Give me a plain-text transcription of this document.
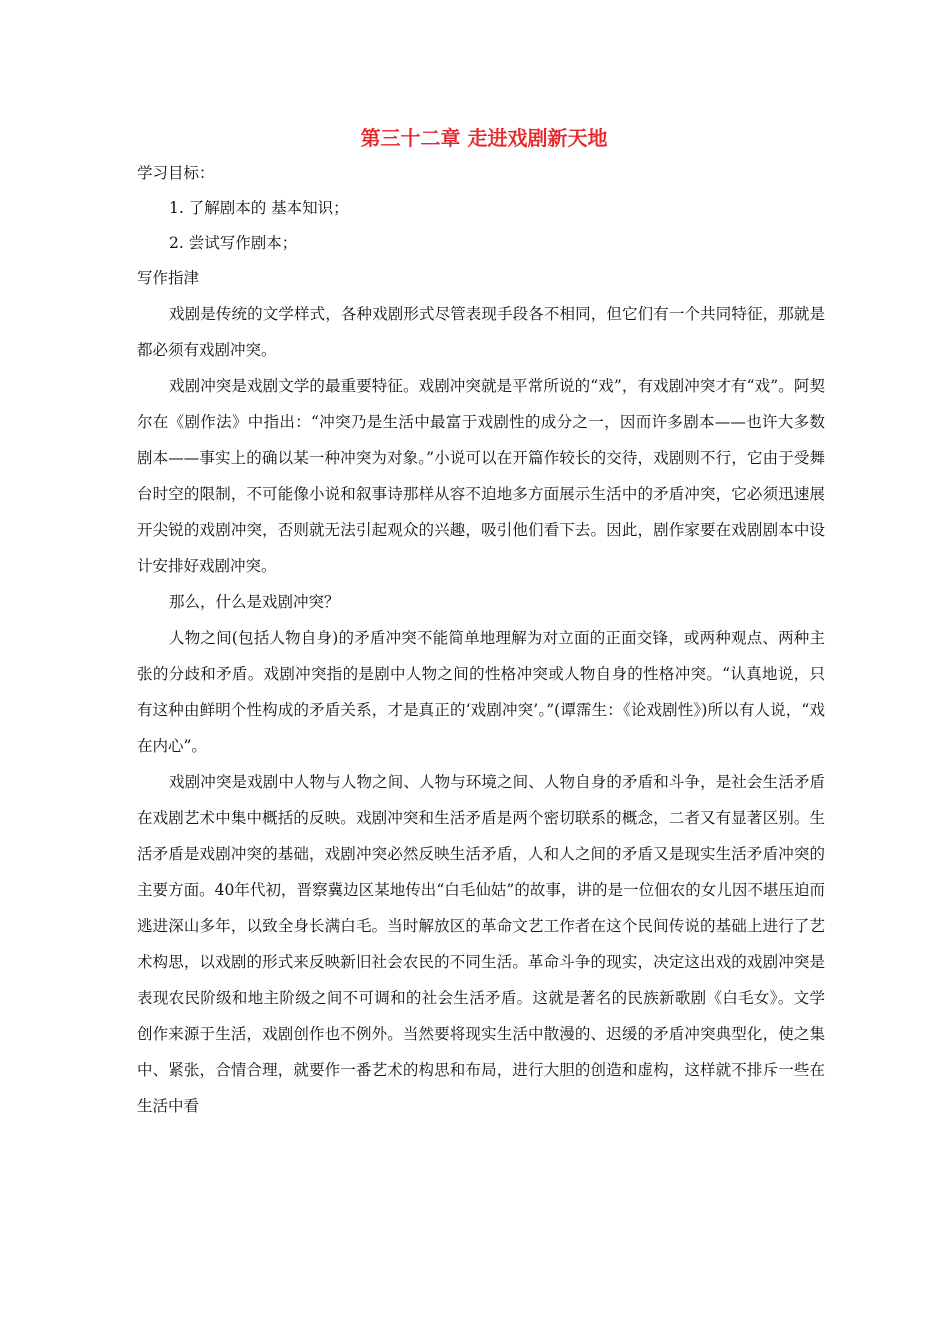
第三十二章 走进戏剧新天地

学习目标：

1. 了解剧本的 基本知识；

2. 尝试写作剧本；

写作指津

戏剧是传统的文学样式，各种戏剧形式尽管表现手段各不相同，但它们有一个共同特征，那就是都必须有戏剧冲突。

戏剧冲突是戏剧文学的最重要特征。戏剧冲突就是平常所说的“戏”，有戏剧冲突才有“戏”。阿契尔在《剧作法》中指出：“冲突乃是生活中最富于戏剧性的成分之一，因而许多剧本——也许大多数剧本——事实上的确以某一种冲突为对象。”小说可以在开篇作较长的交待，戏剧则不行，它由于受舞台时空的限制，不可能像小说和叙事诗那样从容不迫地多方面展示生活中的矛盾冲突，它必须迅速展开尖锐的戏剧冲突，否则就无法引起观众的兴趣，吸引他们看下去。因此，剧作家要在戏剧剧本中设计安排好戏剧冲突。

那么，什么是戏剧冲突？

人物之间(包括人物自身)的矛盾冲突不能简单地理解为对立面的正面交锋，或两种观点、两种主张的分歧和矛盾。戏剧冲突指的是剧中人物之间的性格冲突或人物自身的性格冲突。“认真地说，只有这种由鲜明个性构成的矛盾关系，才是真正的‘戏剧冲突’。”(谭霈生：《论戏剧性》)所以有人说，“戏在内心”。

戏剧冲突是戏剧中人物与人物之间、人物与环境之间、人物自身的矛盾和斗争，是社会生活矛盾在戏剧艺术中集中概括的反映。戏剧冲突和生活矛盾是两个密切联系的概念，二者又有显著区别。生活矛盾是戏剧冲突的基础，戏剧冲突必然反映生活矛盾，人和人之间的矛盾又是现实生活矛盾冲突的主要方面。40年代初，晋察冀边区某地传出“白毛仙姑”的故事，讲的是一位佃农的女儿因不堪压迫而逃进深山多年，以致全身长满白毛。当时解放区的革命文艺工作者在这个民间传说的基础上进行了艺术构思，以戏剧的形式来反映新旧社会农民的不同生活。革命斗争的现实，决定这出戏的戏剧冲突是表现农民阶级和地主阶级之间不可调和的社会生活矛盾。这就是著名的民族新歌剧《白毛女》。文学创作来源于生活，戏剧创作也不例外。当然要将现实生活中散漫的、迟缓的矛盾冲突典型化，使之集中、紧张，合情合理，就要作一番艺术的构思和布局，进行大胆的创造和虚构，这样就不排斥一些在生活中看
